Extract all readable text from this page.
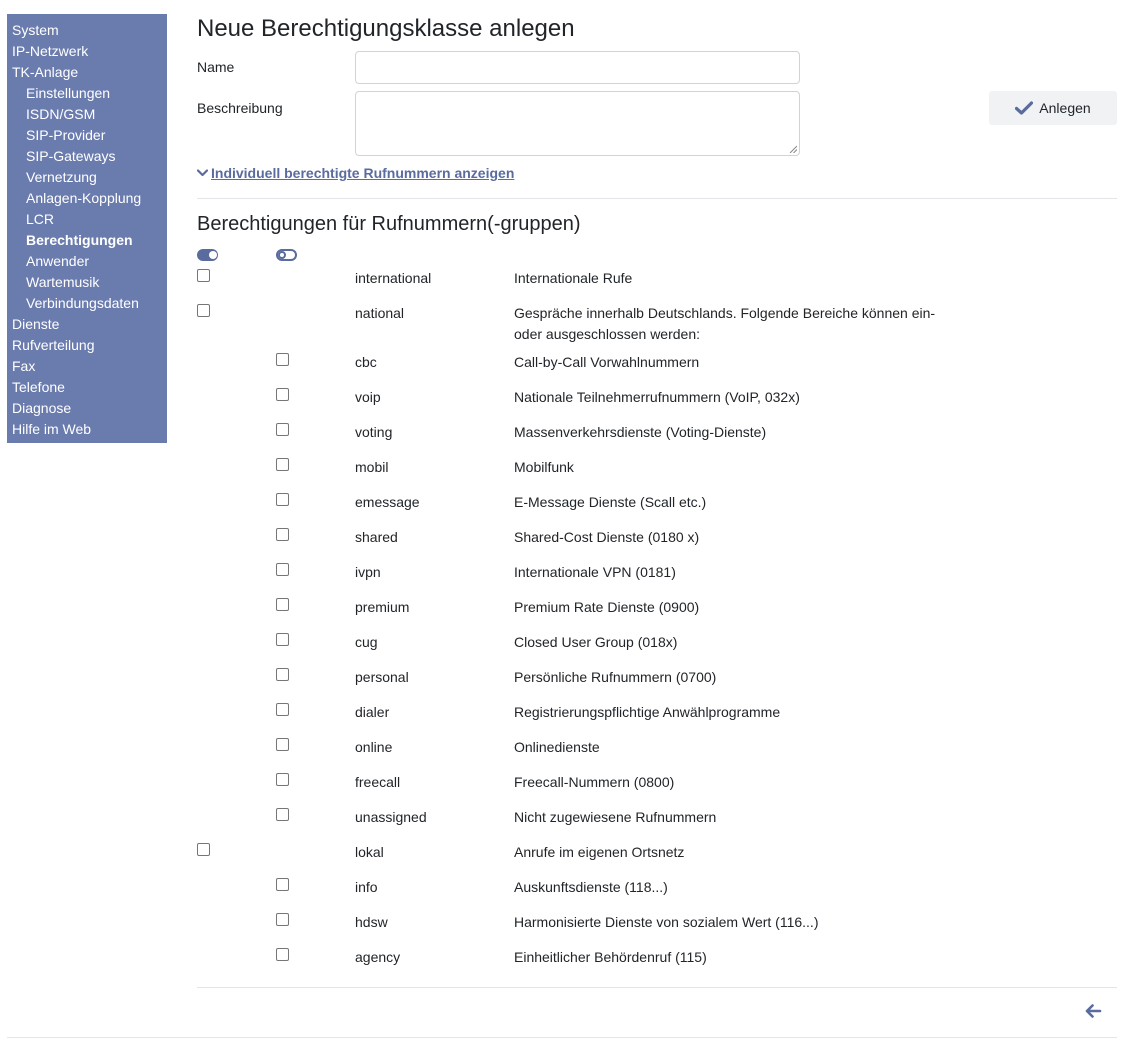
System
IP-Netzwerk
TK-Anlage
Einstellungen
ISDN/GSM
SIP-Provider
SIP-Gateways
Vernetzung
Anlagen-Kopplung
LCR
Berechtigungen
Anwender
Wartemusik
Verbindungsdaten
Dienste
Rufverteilung
Fax
Telefone
Diagnose
Hilfe im Web
Neue Berechtigungsklasse anlegen
Name
Beschreibung	Anlegen
Individuell berechtigte Rufnummern anzeigen
Berechtigungen für Rufnummern(-gruppen)
international	Internationale Rufe
national	Gespräche innerhalb Deutschlands. Folgende Bereiche können ein- oder ausgeschlossen werden:
cbc	Call-by-Call Vorwahlnummern
voip	Nationale Teilnehmerrufnummern (VoIP, 032x)
voting	Massenverkehrsdienste (Voting-Dienste)
mobil	Mobilfunk
emessage	E-Message Dienste (Scall etc.)
shared	Shared-Cost Dienste (0180 x)
ivpn	Internationale VPN (0181)
premium	Premium Rate Dienste (0900)
cug	Closed User Group (018x)
personal	Persönliche Rufnummern (0700)
dialer	Registrierungspflichtige Anwählprogramme
online	Onlinedienste
freecall	Freecall-Nummern (0800)
unassigned	Nicht zugewiesene Rufnummern
lokal	Anrufe im eigenen Ortsnetz
info	Auskunftsdienste (118...)
hdsw	Harmonisierte Dienste von sozialem Wert (116...)
agency	Einheitlicher Behördenruf (115)
